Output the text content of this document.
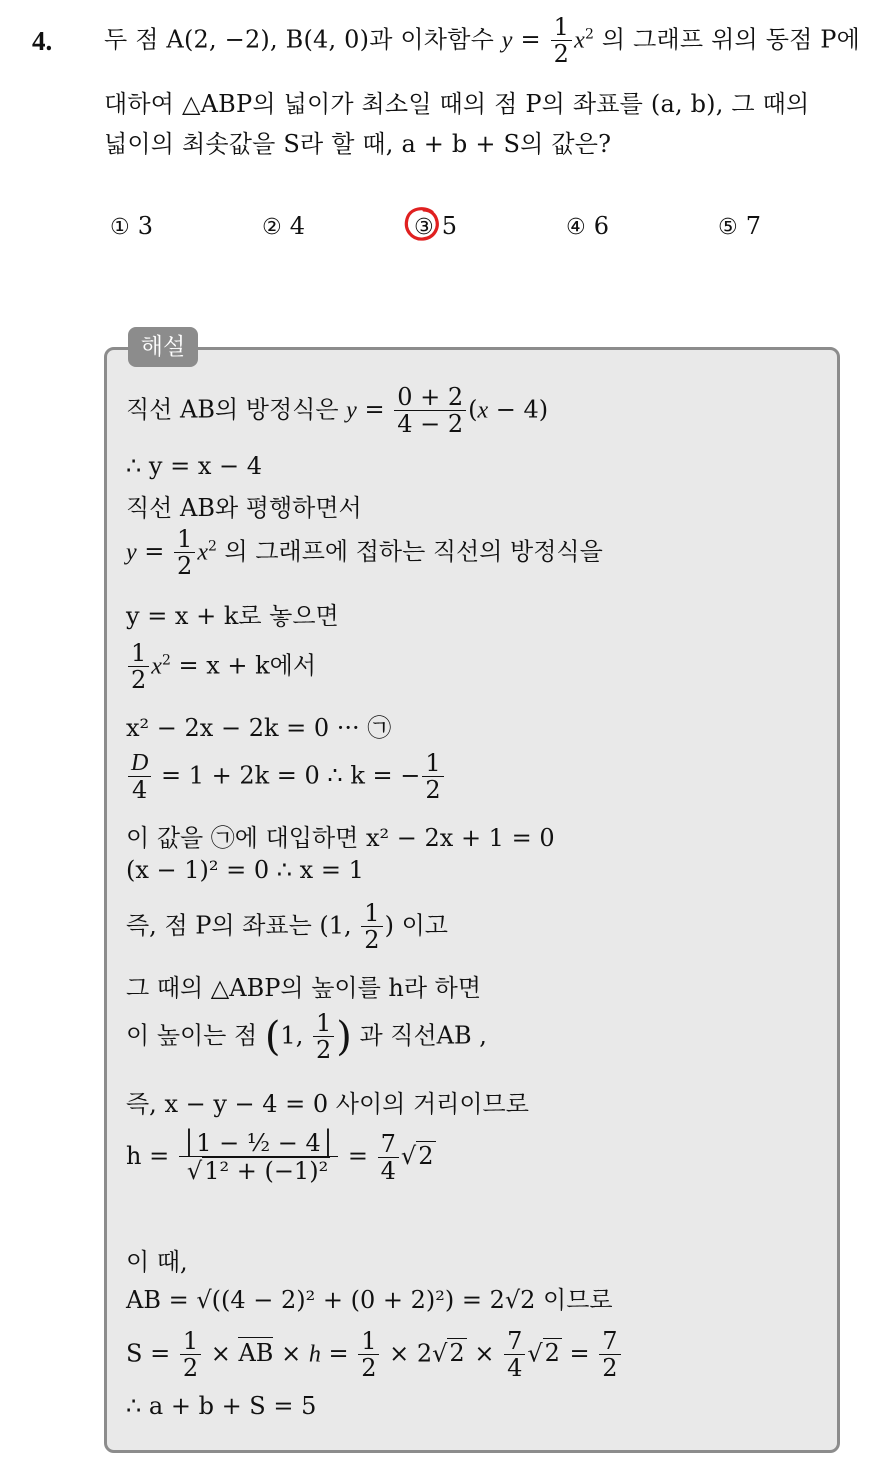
4. 두 점 A(2, −2), B(4, 0)과 이차함수 $y = \frac{1}{2} x^2$ 의 그래프 위의 동점 P에
대하여 △ABP의 넓이가 최소일 때의 점 P의 좌표를 (a, b), 그 때의
넓이의 최솟값을 S라 할 때, a + b + S의 값은?
① 3	② 4	③ 5	④ 6	⑤ 7
해설
직선 AB의 방정식은 $y = \frac{0 + 2}{4 - 2} (x - 4)$
∴ y = x − 4
직선 AB와 평행하면서
$y = \frac{1}{2} x^2$ 의 그래프에 접하는 직선의 방정식을
y = x + k로 놓으면
$\frac{1}{2} x^2 = x + k$에서
x² − 2x − 2k = 0 ··· ㉠
$\frac{D}{4} = 1 + 2k = 0$ ∴ k = − $\frac{1}{2}$
이 값을 ㉠에 대입하면 x² − 2x + 1 = 0
(x − 1)² = 0 ∴ x = 1
즉, 점 P의 좌표는 (1, $\frac{1}{2}$ ) 이고
그 때의 △ABP의 높이를 h라 하면
이 높이는 점 (1, $\frac{1}{2}$ ) 과 직선AB ,
즉, x − y − 4 = 0 사이의 거리이므로
$h = \frac{\text{│1 − ½ − 4│}}{\text{√1² + (−1)²}} = \frac{7}{4} √2$
이 때,
AB = √((4 − 2)² + (0 + 2)²) = 2√2 이므로
$S = \frac{1}{2}$ × AB × $h = \frac{1}{2} \times 2√2 \times \frac{7}{4} √2 = \frac{7}{2}$
∴ a + b + S = 5
